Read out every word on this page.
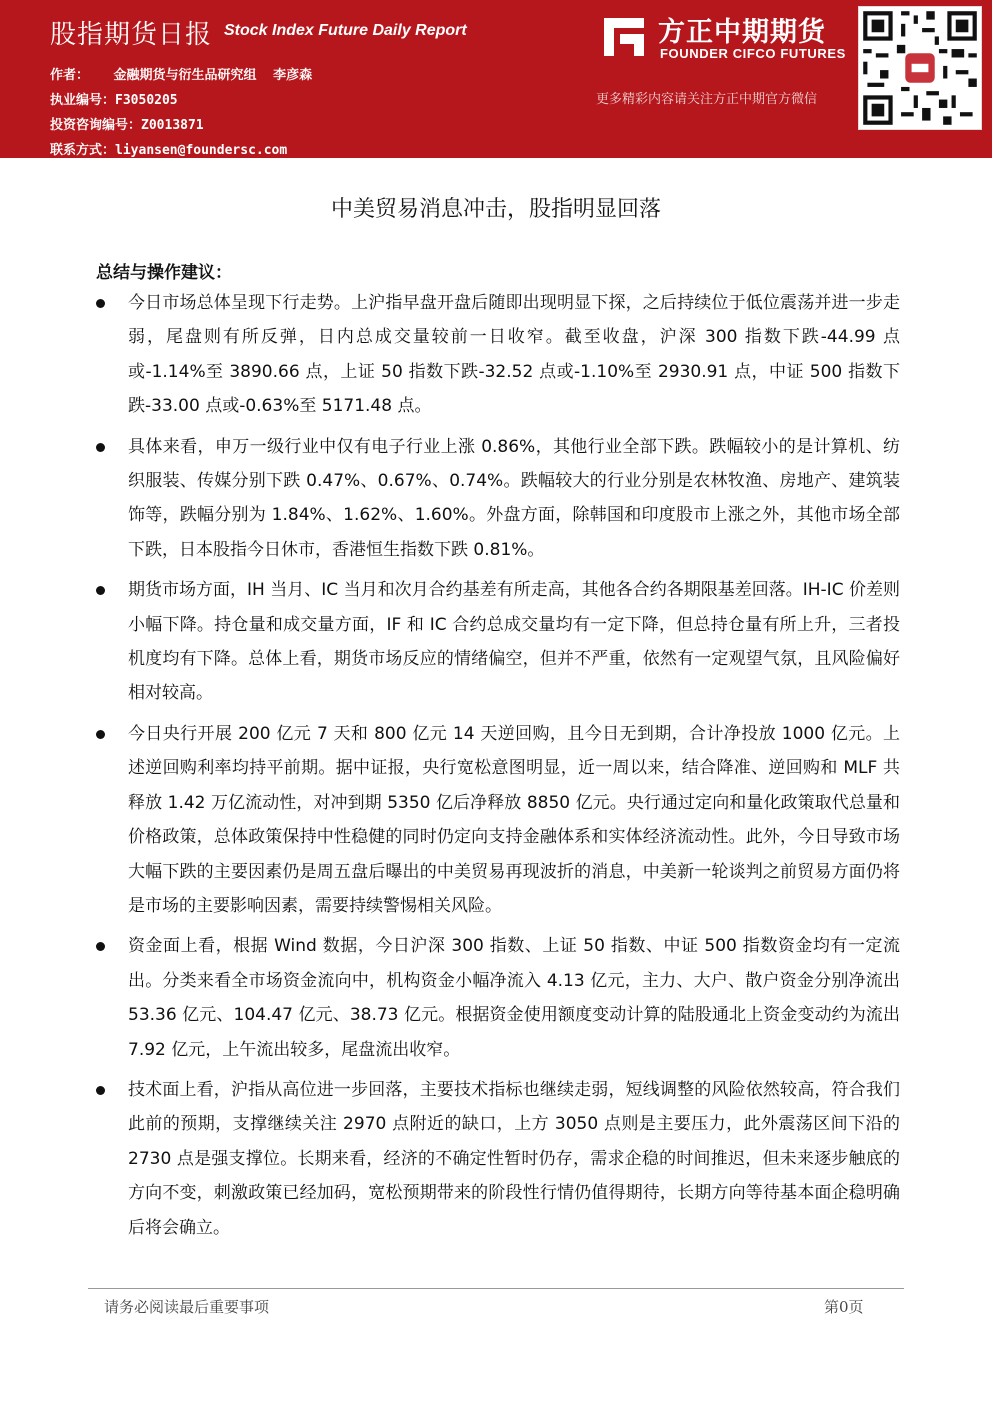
股指期货日报 Stock Index Future Daily Report
作者： 金融期货与衍生品研究组 李彦森
执业编号：F3050205
投资咨询编号：Z0013871
联系方式：liyansen@foundersc.com
方正中期期货
FOUNDER CIFCO FUTURES
更多精彩内容请关注方正中期官方微信
中美贸易消息冲击，股指明显回落
总结与操作建议：
今日市场总体呈现下行走势。上沪指早盘开盘后随即出现明显下探，之后持续位于低位震荡并进一步走弱，尾盘则有所反弹，日内总成交量较前一日收窄。截至收盘，沪深 300 指数下跌-44.99 点或-1.14%至 3890.66 点，上证 50 指数下跌-32.52 点或-1.10%至 2930.91 点，中证 500 指数下跌-33.00 点或-0.63%至 5171.48 点。
具体来看，申万一级行业中仅有电子行业上涨 0.86%，其他行业全部下跌。跌幅较小的是计算机、纺织服装、传媒分别下跌 0.47%、0.67%、0.74%。跌幅较大的行业分别是农林牧渔、房地产、建筑装饰等，跌幅分别为 1.84%、1.62%、1.60%。外盘方面，除韩国和印度股市上涨之外，其他市场全部下跌，日本股指今日休市，香港恒生指数下跌 0.81%。
期货市场方面，IH 当月、IC 当月和次月合约基差有所走高，其他各合约各期限基差回落。IH-IC 价差则小幅下降。持仓量和成交量方面，IF 和 IC 合约总成交量均有一定下降，但总持仓量有所上升，三者投机度均有下降。总体上看，期货市场反应的情绪偏空，但并不严重，依然有一定观望气氛，且风险偏好相对较高。
今日央行开展 200 亿元 7 天和 800 亿元 14 天逆回购，且今日无到期，合计净投放 1000 亿元。上述逆回购利率均持平前期。据中证报，央行宽松意图明显，近一周以来，结合降准、逆回购和 MLF 共释放 1.42 万亿流动性，对冲到期 5350 亿后净释放 8850 亿元。央行通过定向和量化政策取代总量和价格政策，总体政策保持中性稳健的同时仍定向支持金融体系和实体经济流动性。此外，今日导致市场大幅下跌的主要因素仍是周五盘后曝出的中美贸易再现波折的消息，中美新一轮谈判之前贸易方面仍将是市场的主要影响因素，需要持续警惕相关风险。
资金面上看，根据 Wind 数据，今日沪深 300 指数、上证 50 指数、中证 500 指数资金均有一定流出。分类来看全市场资金流向中，机构资金小幅净流入 4.13 亿元，主力、大户、散户资金分别净流出 53.36 亿元、104.47 亿元、38.73 亿元。根据资金使用额度变动计算的陆股通北上资金变动约为流出 7.92 亿元，上午流出较多，尾盘流出收窄。
技术面上看，沪指从高位进一步回落，主要技术指标也继续走弱，短线调整的风险依然较高，符合我们此前的预期，支撑继续关注 2970 点附近的缺口，上方 3050 点则是主要压力，此外震荡区间下沿的 2730 点是强支撑位。长期来看，经济的不确定性暂时仍存，需求企稳的时间推迟，但未来逐步触底的方向不变，刺激政策已经加码，宽松预期带来的阶段性行情仍值得期待，长期方向等待基本面企稳明确后将会确立。
请务必阅读最后重要事项	第0页
